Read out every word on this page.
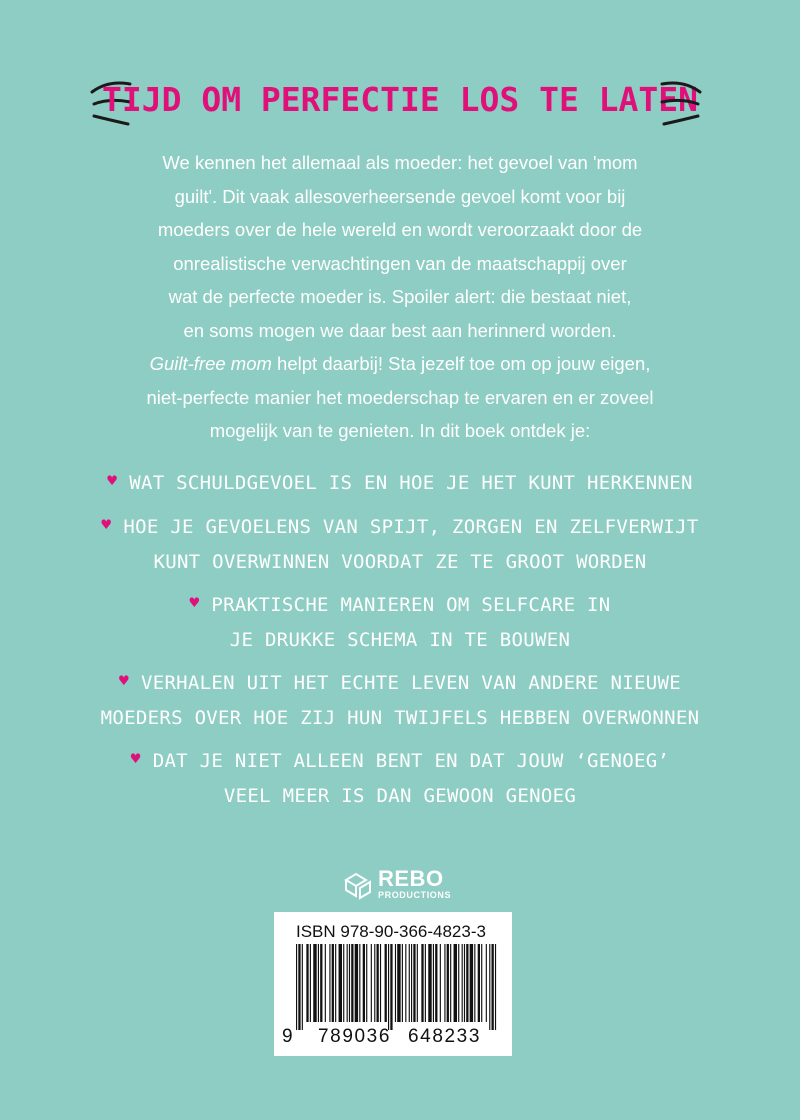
TIJD OM PERFECTIE LOS TE LATEN
We kennen het allemaal als moeder: het gevoel van 'mom
guilt'. Dit vaak allesoverheersende gevoel komt voor bij
moeders over de hele wereld en wordt veroorzaakt door de
onrealistische verwachtingen van de maatschappij over
wat de perfecte moeder is. Spoiler alert: die bestaat niet,
en soms mogen we daar best aan herinnerd worden.
Guilt-free mom helpt daarbij! Sta jezelf toe om op jouw eigen,
niet-perfecte manier het moederschap te ervaren en er zoveel
mogelijk van te genieten. In dit boek ontdek je:
♥ WAT SCHULDGEVOEL IS EN HOE JE HET KUNT HERKENNEN
♥ HOE JE GEVOELENS VAN SPIJT, ZORGEN EN ZELFVERWIJT
KUNT OVERWINNEN VOORDAT ZE TE GROOT WORDEN
♥ PRAKTISCHE MANIEREN OM SELFCARE IN
JE DRUKKE SCHEMA IN TE BOUWEN
♥ VERHALEN UIT HET ECHTE LEVEN VAN ANDERE NIEUWE
MOEDERS OVER HOE ZIJ HUN TWIJFELS HEBBEN OVERWONNEN
♥ DAT JE NIET ALLEEN BENT EN DAT JOUW ‘GENOEG’
VEEL MEER IS DAN GEWOON GENOEG
REBO
PRODUCTIONS
ISBN 978-90-366-4823-3
9 789036 648233
